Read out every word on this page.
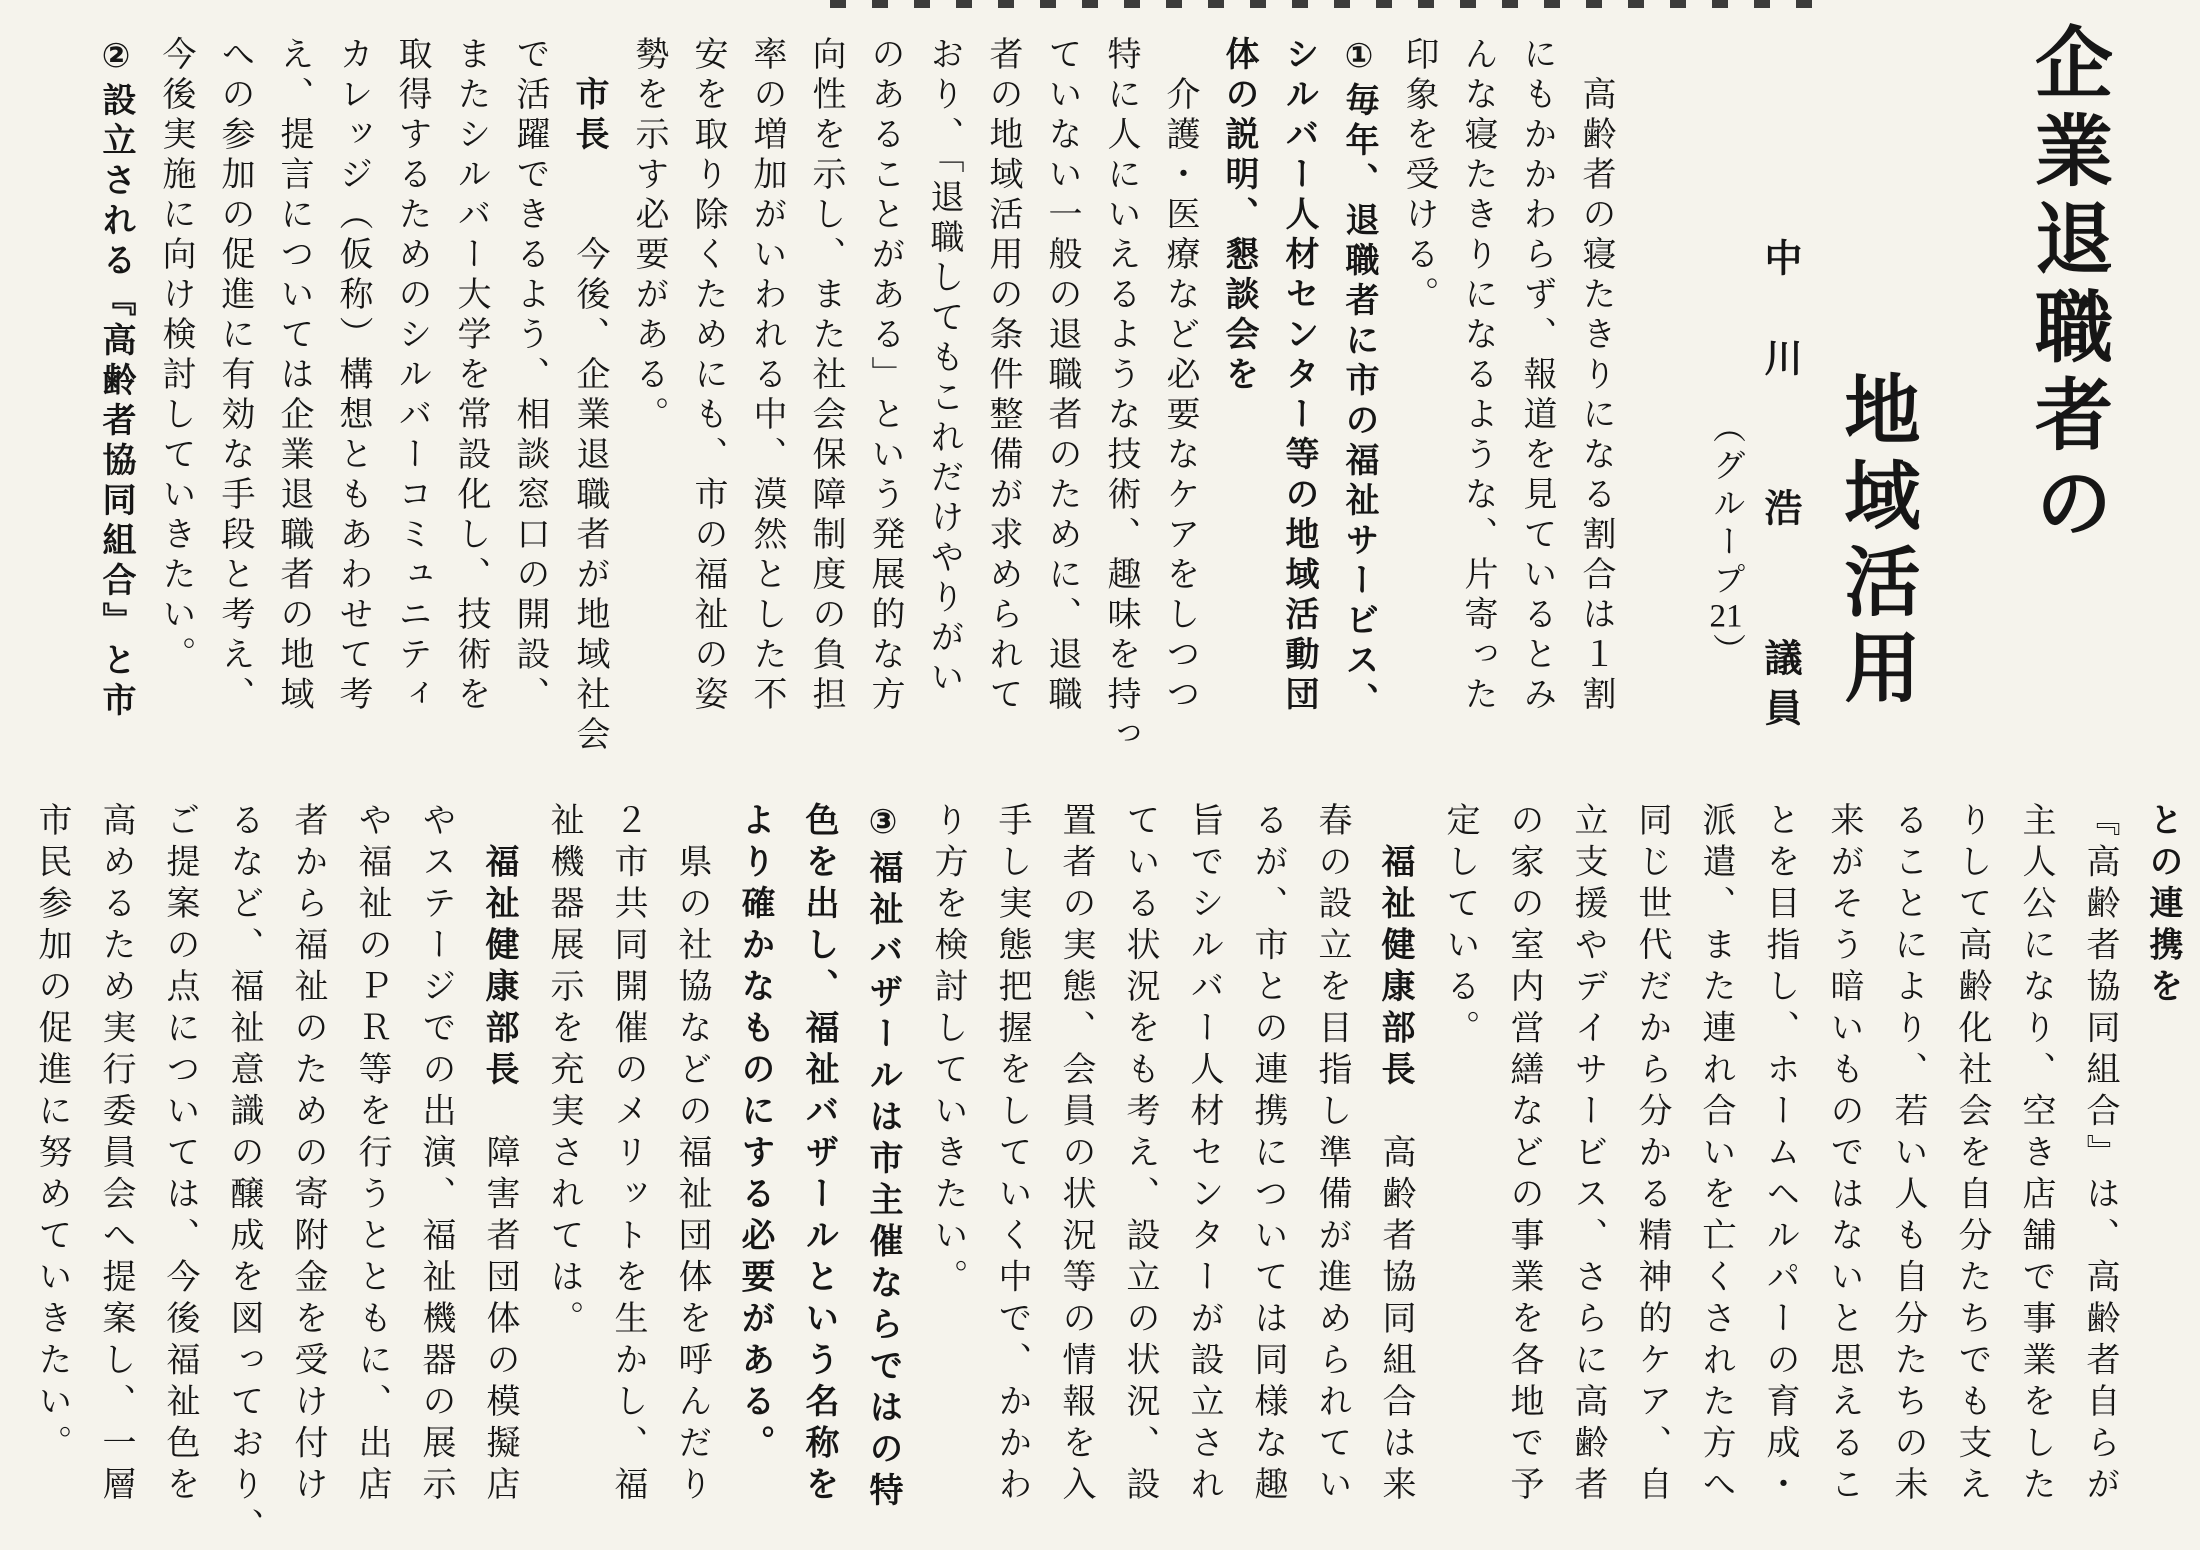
企業退職者の
地域活用
中　川　　浩　　議員
（グループ21）

　高齢者の寝たきりになる割合は１割

にもかかわらず、報道を見ているとみ

んな寝たきりになるような、片寄った

印象を受ける。

①毎年、退職者に市の福祉サービス、

シルバー人材センター等の地域活動団

体の説明、懇談会を

　介護・医療など必要なケアをしつつ

特に人にいえるような技術、趣味を持っ

ていない一般の退職者のために、退職

者の地域活用の条件整備が求められて

おり、「退職してもこれだけやりがい

のあることがある」という発展的な方

向性を示し、また社会保障制度の負担

率の増加がいわれる中、漠然とした不

安を取り除くためにも、市の福祉の姿

勢を示す必要がある。

　市長　　今後、企業退職者が地域社会

で活躍できるよう、相談窓口の開設、

またシルバー大学を常設化し、技術を

取得するためのシルバーコミュニティ

カレッジ（仮称）構想ともあわせて考

え、提言については企業退職者の地域

への参加の促進に有効な手段と考え、

今後実施に向け検討していきたい。

②設立される『高齢者協同組合』と市

との連携を

『高齢者協同組合』は、高齢者自らが

主人公になり、空き店舗で事業をした

りして高齢化社会を自分たちでも支え

ることにより、若い人も自分たちの未

来がそう暗いものではないと思えるこ

とを目指し、ホームヘルパーの育成・

派遣、また連れ合いを亡くされた方へ

同じ世代だから分かる精神的ケア、自

立支援やデイサービス、さらに高齢者

の家の室内営繕などの事業を各地で予

定している。

　福祉健康部長　高齢者協同組合は来

春の設立を目指し準備が進められてい

るが、市との連携については同様な趣

旨でシルバー人材センターが設立され

ている状況をも考え、設立の状況、設

置者の実態、会員の状況等の情報を入

手し実態把握をしていく中で、かかわ

り方を検討していきたい。

③福祉バザールは市主催ならではの特

色を出し、福祉バザールという名称を

より確かなものにする必要がある。

　県の社協などの福祉団体を呼んだり

２市共同開催のメリットを生かし、福

祉機器展示を充実されては。

　福祉健康部長　障害者団体の模擬店

やステージでの出演、福祉機器の展示

や福祉のＰＲ等を行うとともに、出店

者から福祉のための寄附金を受け付け

るなど、福祉意識の醸成を図っており、

ご提案の点については、今後福祉色を

高めるため実行委員会へ提案し、一層

市民参加の促進に努めていきたい。
